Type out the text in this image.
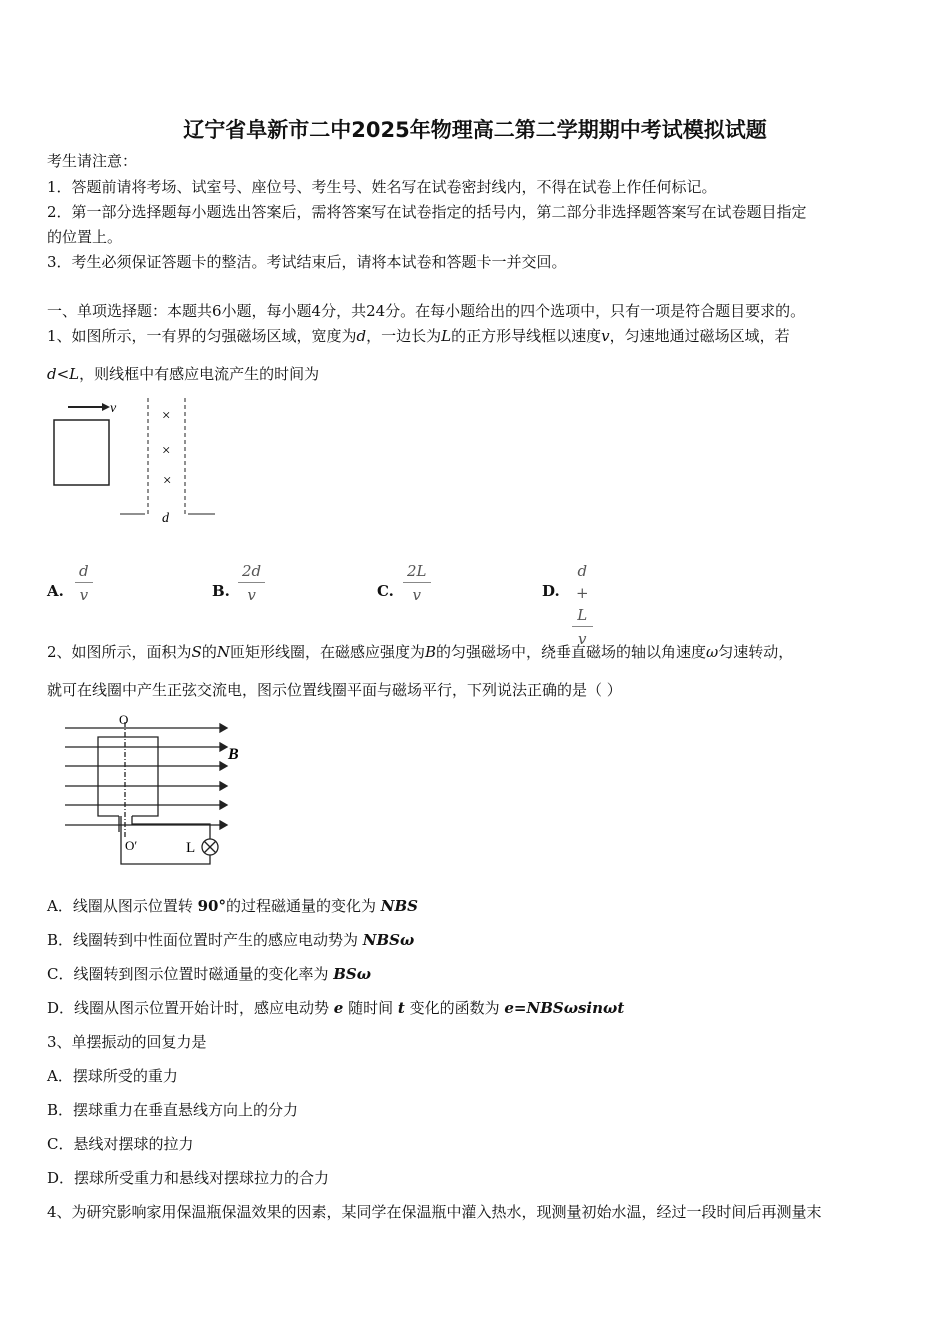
辽宁省阜新市二中2025年物理高二第二学期期中考试模拟试题
考生请注意：
1．答题前请将考场、试室号、座位号、考生号、姓名写在试卷密封线内，不得在试卷上作任何标记。
2．第一部分选择题每小题选出答案后，需将答案写在试卷指定的括号内，第二部分非选择题答案写在试卷题目指定
的位置上。
3．考生必须保证答题卡的整洁。考试结束后，请将本试卷和答题卡一并交回。
一、单项选择题：本题共6小题，每小题4分，共24分。在每小题给出的四个选项中，只有一项是符合题目要求的。
1、如图所示，一有界的匀强磁场区域，宽度为d，一边长为L的正方形导线框以速度v，匀速地通过磁场区域，若
d<L，则线框中有感应电流产生的时间为
v	×
×
×
d
A. $\frac{d}{v}$	B. $\frac{2d}{v}$	C. $\frac{2L}{v}$	D. $\frac{d + L}{v}$
2、如图所示，面积为S的N匝矩形线圈，在磁感应强度为B的匀强磁场中，绕垂直磁场的轴以角速度ω匀速转动，
就可在线圈中产生正弦交流电，图示位置线圈平面与磁场平行，下列说法正确的是（ ）
O
O′
B
L
A．线圈从图示位置转 90°的过程磁通量的变化为 NBS
B．线圈转到中性面位置时产生的感应电动势为 NBSω
C．线圈转到图示位置时磁通量的变化率为 BSω
D．线圈从图示位置开始计时，感应电动势 e 随时间 t 变化的函数为 e=NBSωsinωt
3、单摆振动的回复力是
A．摆球所受的重力
B．摆球重力在垂直悬线方向上的分力
C．悬线对摆球的拉力
D．摆球所受重力和悬线对摆球拉力的合力
4、为研究影响家用保温瓶保温效果的因素，某同学在保温瓶中灌入热水，现测量初始水温，经过一段时间后再测量末
